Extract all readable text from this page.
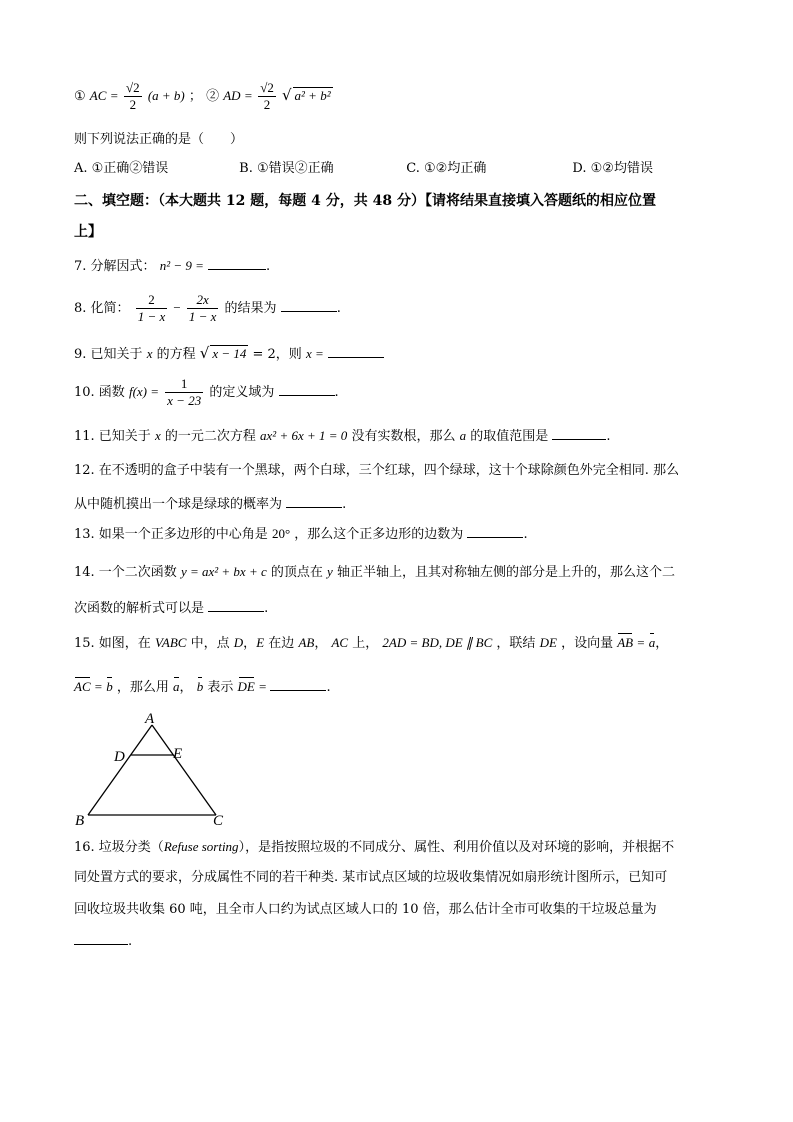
① AC = $\frac{√2}{2} (a + b)$ ； ② AD = $\frac{√2}{2}$ √ a² + b²
则下列说法正确的是（　　）
A. ①正确②错误	B. ①错误②正确	C. ①②均正确	D. ①②均错误
二、填空题：（本大题共 12 题，每题 4 分，共 48 分）【请将结果直接填入答题纸的相应位置
上】
7. 分解因式： n² − 9 =	.
8. 化简： $\frac{2}{1 - x} - \frac{2x}{1 - x}$ 的结果为	.
9. 已知关于 x 的方程 √ x − 14 = 2，则 x =
10. 函数 $f(x) = \frac{1}{x - 23}$ 的定义域为	.
11. 已知关于 x 的一元二次方程 ax² + 6x + 1 = 0 没有实数根，那么 a 的取值范围是	.
12. 在不透明的盒子中装有一个黑球，两个白球，三个红球，四个绿球，这十个球除颜色外完全相同. 那么
从中随机摸出一个球是绿球的概率为	.
13. 如果一个正多边形的中心角是 20° ，那么这个正多边形的边数为	.
14. 一个二次函数 y = ax² + bx + c 的顶点在 y 轴正半轴上，且其对称轴左侧的部分是上升的，那么这个二
次函数的解析式可以是	.
15. 如图，在 VABC 中，点 D，E 在边 AB， AC 上， 2AD = BD, DE ∥ BC ，联结 DE ，设向量 AB = a，
AC = b ，那么用 a， b 表示 DE =	.
A
D	E
B	C
16. 垃圾分类（Refuse sorting），是指按照垃圾的不同成分、属性、利用价值以及对环境的影响，并根据不
同处置方式的要求，分成属性不同的若干种类. 某市试点区域的垃圾收集情况如扇形统计图所示，已知可
回收垃圾共收集 60 吨，且全市人口约为试点区域人口的 10 倍，那么估计全市可收集的干垃圾总量为
.
